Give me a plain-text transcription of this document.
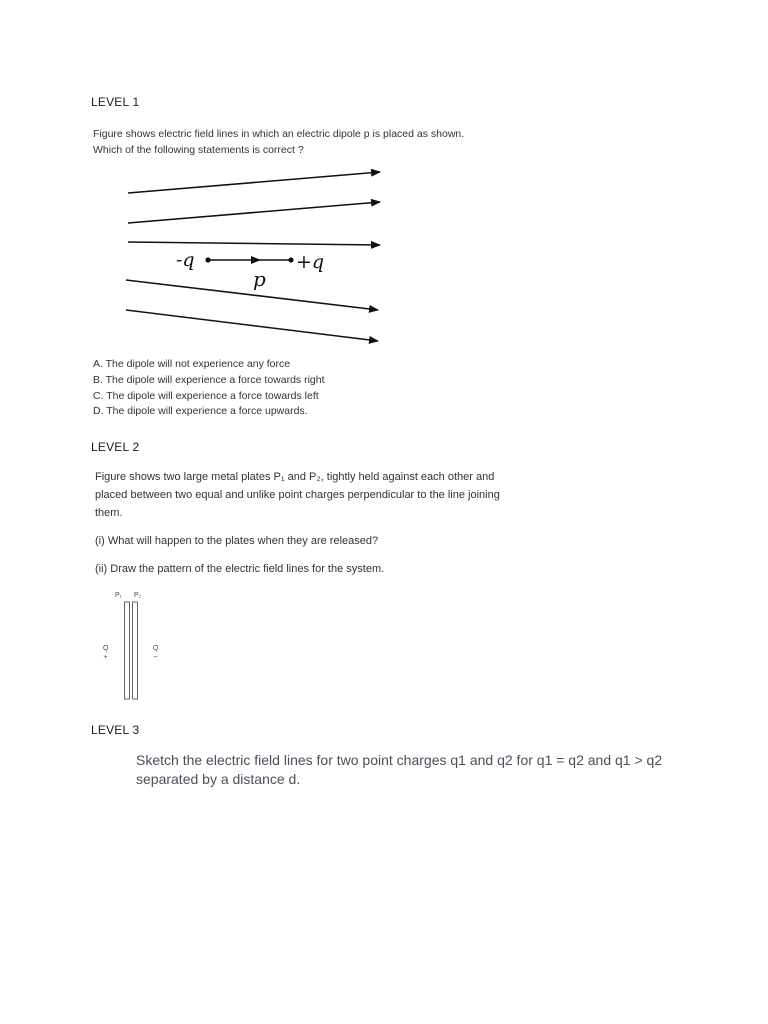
LEVEL 1
Figure shows electric field lines in which an electric dipole p is placed as shown.
Which of the following statements is correct ?
-q	+q
p
A. The dipole will not experience any force
B. The dipole will experience a force towards right
C. The dipole will experience a force towards left
D. The dipole will experience a force upwards.
LEVEL 2
Figure shows two large metal plates P₁ and P₂, tightly held against each other and
placed between two equal and unlike point charges perpendicular to the line joining
them.
(i) What will happen to the plates when they are released?
(ii) Draw the pattern of the electric field lines for the system.
P₁ P₂
Q
+
Q
−
LEVEL 3
Sketch the electric field lines for two point charges q1 and q2 for q1 = q2 and q1 > q2
separated by a distance d.
